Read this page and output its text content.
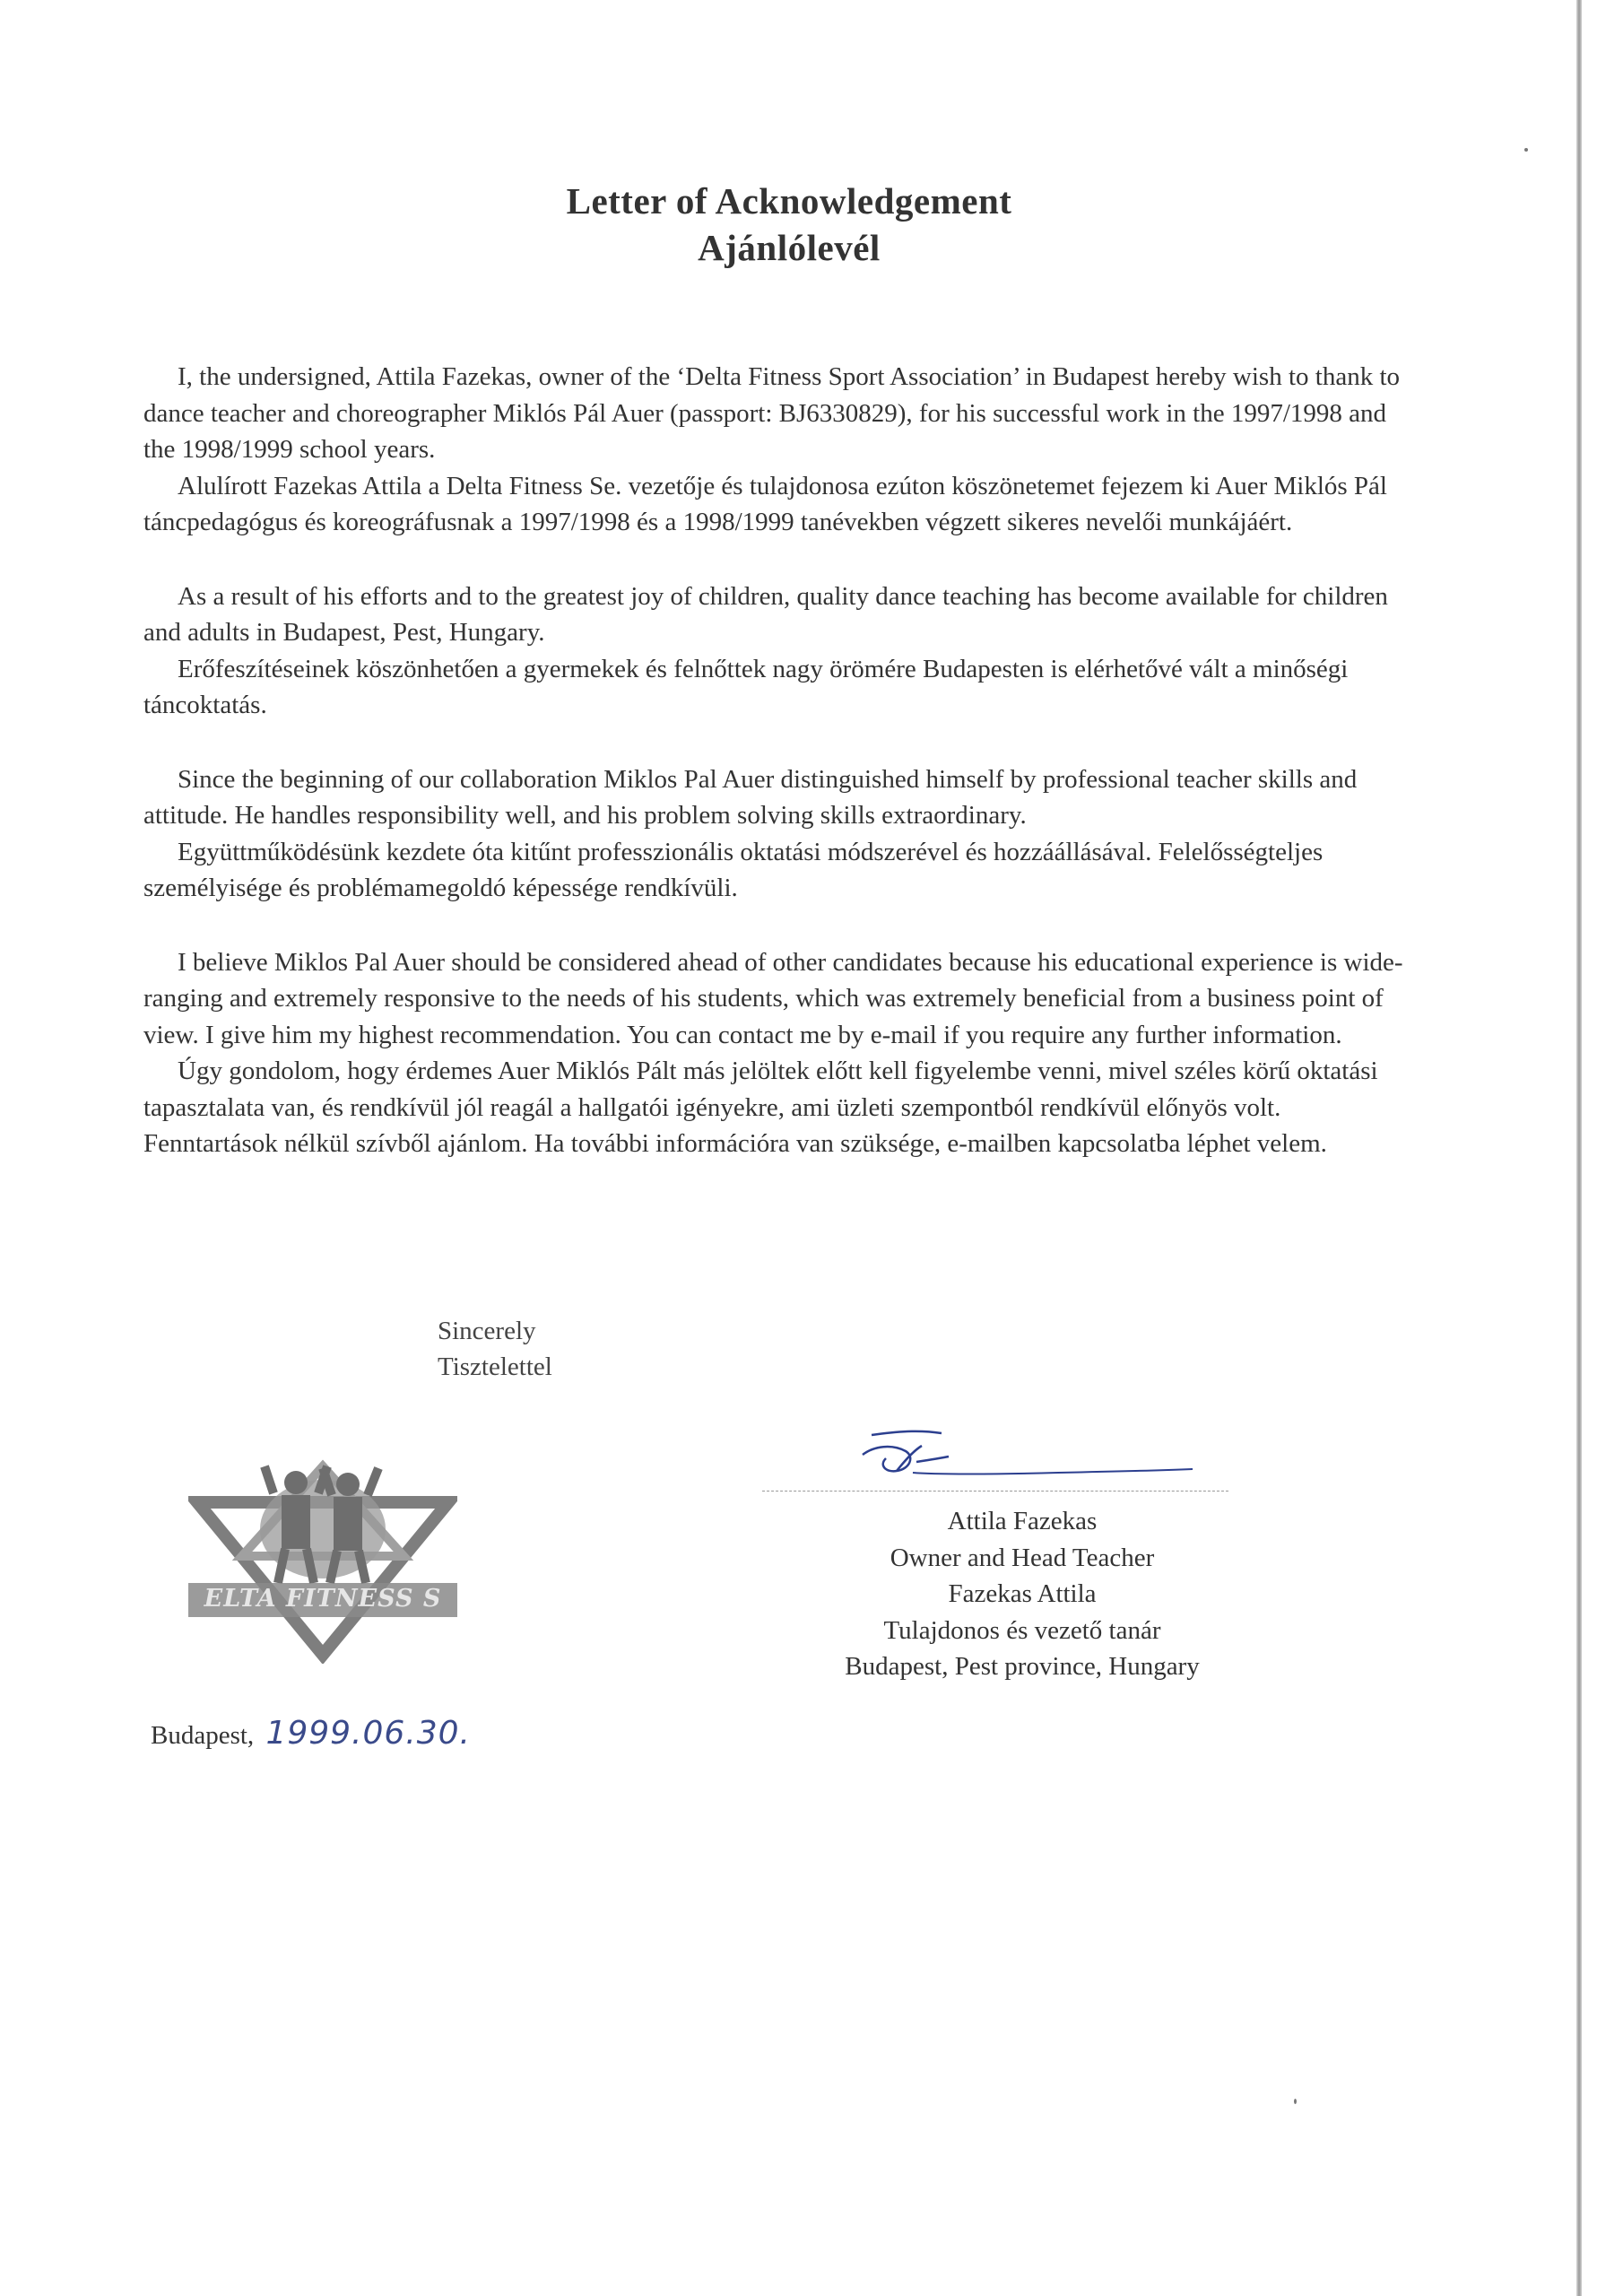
Letter of Acknowledgement
Ajánlólevél

I, the undersigned, Attila Fazekas, owner of the ‘Delta Fitness Sport Association’ in Budapest hereby wish to thank to dance teacher and choreographer Miklós Pál Auer (passport: BJ6330829), for his successful work in the 1997/1998 and the 1998/1999 school years.

Alulírott Fazekas Attila a Delta Fitness Se. vezetője és tulajdonosa ezúton köszönetemet fejezem ki Auer Miklós Pál táncpedagógus és koreográfusnak a 1997/1998 és a 1998/1999 tanévekben végzett sikeres nevelői munkájáért.

As a result of his efforts and to the greatest joy of children, quality dance teaching has become available for children and adults in Budapest, Pest, Hungary.

Erőfeszítéseinek köszönhetően a gyermekek és felnőttek nagy örömére Budapesten is elérhetővé vált a minőségi táncoktatás.

Since the beginning of our collaboration Miklos Pal Auer distinguished himself by professional teacher skills and attitude. He handles responsibility well, and his problem solving skills extraordinary.

Együttműködésünk kezdete óta kitűnt professzionális oktatási módszerével és hozzáállásával. Felelősségteljes személyisége és problémamegoldó képessége rendkívüli.

I believe Miklos Pal Auer should be considered ahead of other candidates because his educational experience is wide-ranging and extremely responsive to the needs of his students, which was extremely beneficial from a business point of view. I give him my highest recommendation. You can contact me by e-mail if you require any further information.

Úgy gondolom, hogy érdemes Auer Miklós Pált más jelöltek előtt kell figyelembe venni, mivel széles körű oktatási tapasztalata van, és rendkívül jól reagál a hallgatói igényekre, ami üzleti szempontból rendkívül előnyös volt. Fenntartások nélkül szívből ajánlom. Ha további információra van szüksége, e-mailben kapcsolatba léphet velem.

Sincerely
Tisztelettel
Attila Fazekas
Owner and Head Teacher
Fazekas Attila
Tulajdonos és vezető tanár
Budapest, Pest province, Hungary
ELTA FITNESS S
Budapest, 1999.06.30.
